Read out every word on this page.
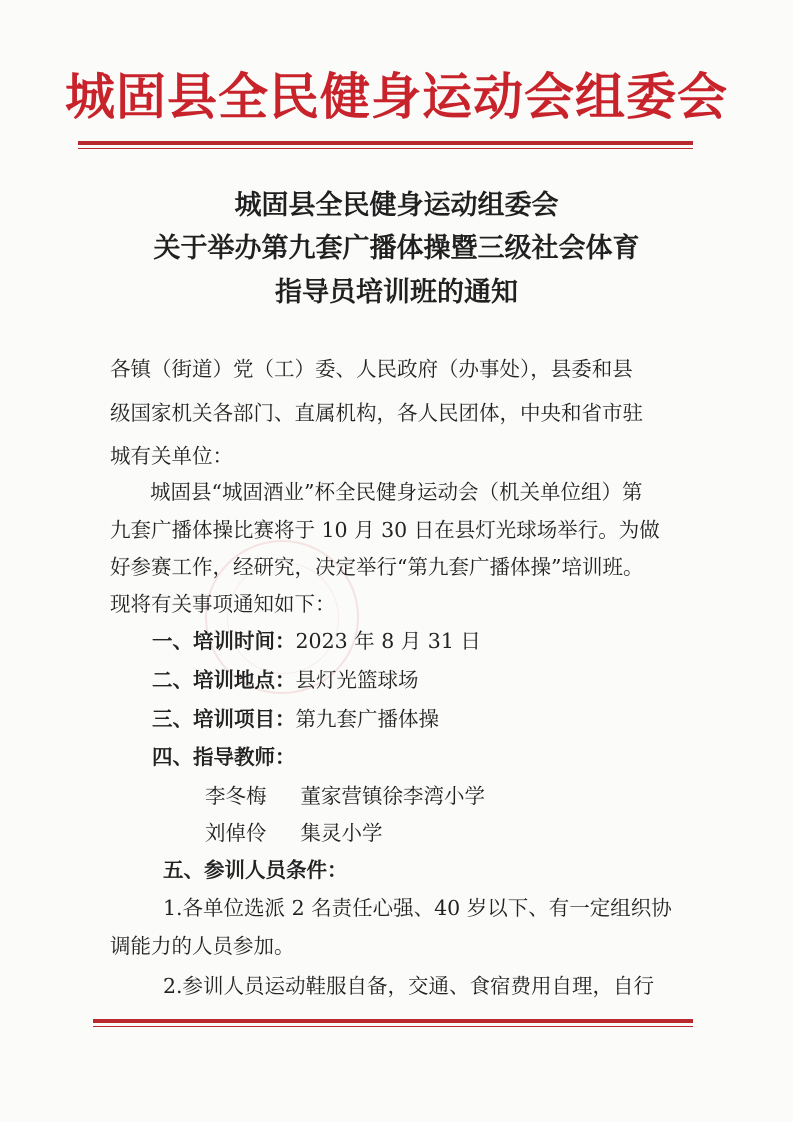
城固县全民健身运动会组委会
城固县全民健身运动组委会
关于举办第九套广播体操暨三级社会体育
指导员培训班的通知
各镇（街道）党（工）委、人民政府（办事处），县委和县
级国家机关各部门、直属机构，各人民团体，中央和省市驻
城有关单位：
城固县“城固酒业”杯全民健身运动会（机关单位组）第
九套广播体操比赛将于 10 月 30 日在县灯光球场举行。为做
好参赛工作，经研究，决定举行“第九套广播体操”培训班。
现将有关事项通知如下：
一、培训时间：2023 年 8 月 31 日
二、培训地点：县灯光篮球场
三、培训项目：第九套广播体操
四、指导教师：
李冬梅 董家营镇徐李湾小学
刘倬伶 集灵小学
五、参训人员条件：
1.各单位选派 2 名责任心强、40 岁以下、有一定组织协
调能力的人员参加。
2.参训人员运动鞋服自备，交通、食宿费用自理，自行
